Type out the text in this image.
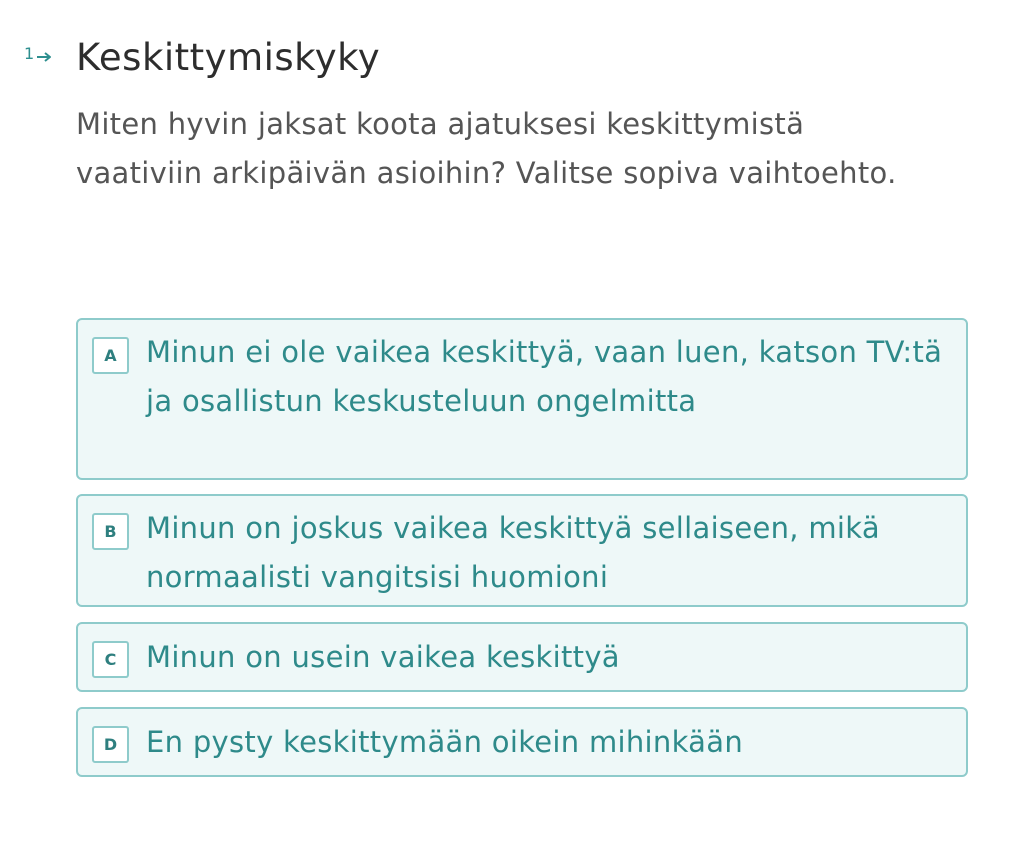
1 Keskittymiskyky

Miten hyvin jaksat koota ajatuksesi keskittymistä vaativiin arkipäivän asioihin? Valitse sopiva vaihtoehto.

A	Minun ei ole vaikea keskittyä, vaan luen, katson TV:tä ja osallistun keskusteluun ongelmitta
B	Minun on joskus vaikea keskittyä sellaiseen, mikä normaalisti vangitsisi huomioni
C	Minun on usein vaikea keskittyä
D En pysty keskittymään oikein mihinkään
